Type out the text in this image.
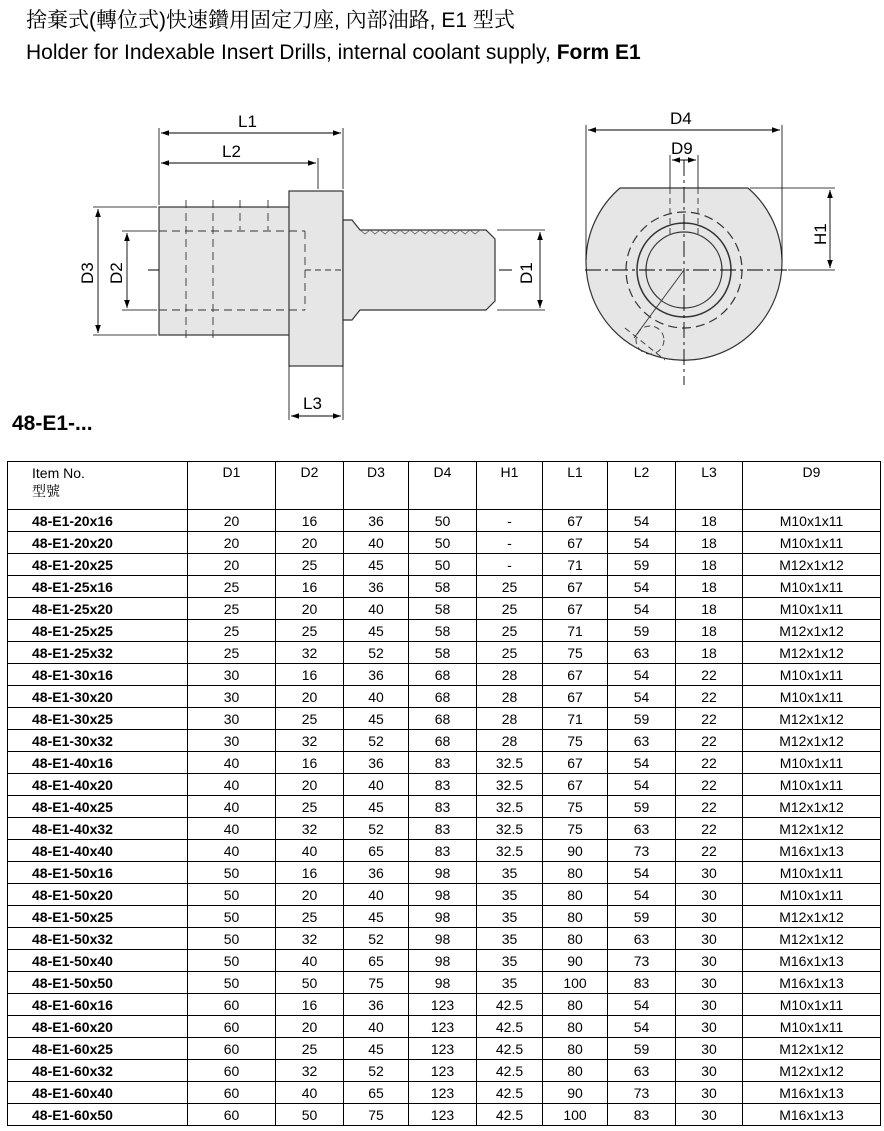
捨棄式(轉位式)快速鑽用固定刀座, 內部油路, E1 型式
Holder for Indexable Insert Drills, internal coolant supply, Form E1
L1
L2
L3
D3 D2	D1
D4
D9
H1
48-E1-...
Item No.
型號	D1	D2	D3	D4	H1	L1	L2	L3	D9
48-E1-20x16	20	16	36	50	-	67	54	18	M10x1x11
48-E1-20x20	20	20	40	50	-	67	54	18	M10x1x11
48-E1-20x25	20	25	45	50	-	71	59	18	M12x1x12
48-E1-25x16	25	16	36	58	25	67	54	18	M10x1x11
48-E1-25x20	25	20	40	58	25	67	54	18	M10x1x11
48-E1-25x25	25	25	45	58	25	71	59	18	M12x1x12
48-E1-25x32	25	32	52	58	25	75	63	18	M12x1x12
48-E1-30x16	30	16	36	68	28	67	54	22	M10x1x11
48-E1-30x20	30	20	40	68	28	67	54	22	M10x1x11
48-E1-30x25	30	25	45	68	28	71	59	22	M12x1x12
48-E1-30x32	30	32	52	68	28	75	63	22	M12x1x12
48-E1-40x16	40	16	36	83	32.5	67	54	22	M10x1x11
48-E1-40x20	40	20	40	83	32.5	67	54	22	M10x1x11
48-E1-40x25	40	25	45	83	32.5	75	59	22	M12x1x12
48-E1-40x32	40	32	52	83	32.5	75	63	22	M12x1x12
48-E1-40x40	40	40	65	83	32.5	90	73	22	M16x1x13
48-E1-50x16	50	16	36	98	35	80	54	30	M10x1x11
48-E1-50x20	50	20	40	98	35	80	54	30	M10x1x11
48-E1-50x25	50	25	45	98	35	80	59	30	M12x1x12
48-E1-50x32	50	32	52	98	35	80	63	30	M12x1x12
48-E1-50x40	50	40	65	98	35	90	73	30	M16x1x13
48-E1-50x50	50	50	75	98	35	100	83	30	M16x1x13
48-E1-60x16	60	16	36	123	42.5	80	54	30	M10x1x11
48-E1-60x20	60	20	40	123	42.5	80	54	30	M10x1x11
48-E1-60x25	60	25	45	123	42.5	80	59	30	M12x1x12
48-E1-60x32	60	32	52	123	42.5	80	63	30	M12x1x12
48-E1-60x40	60	40	65	123	42.5	90	73	30	M16x1x13
48-E1-60x50	60	50	75	123	42.5	100	83	30	M16x1x13
